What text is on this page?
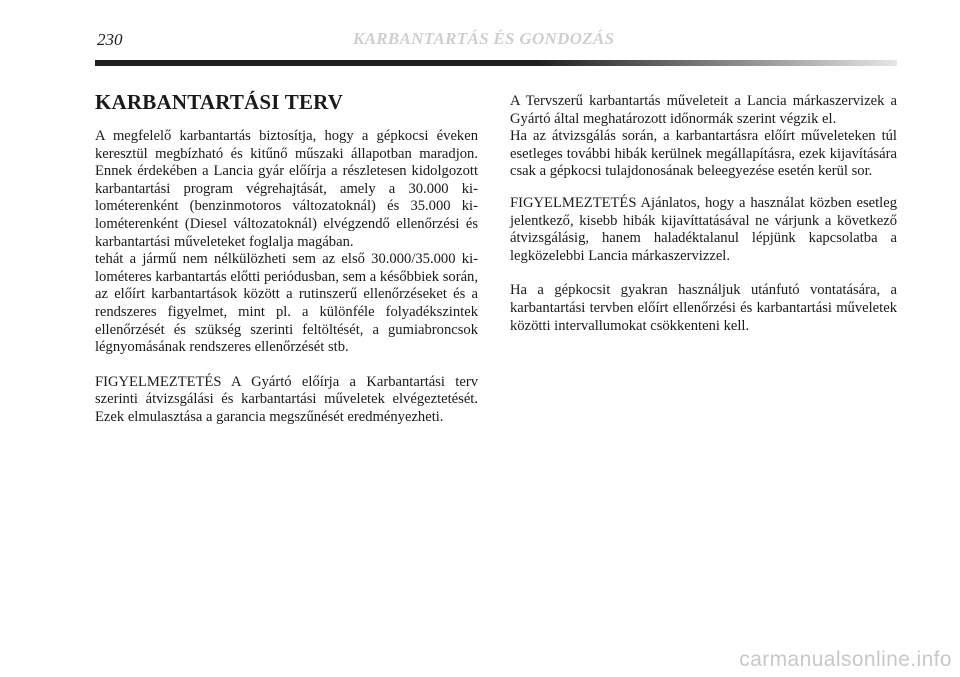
230	KARBANTARTÁS ÉS GONDOZÁS
KARBANTARTÁSI TERV

A megfelelő karbantartás biztosítja, hogy a gépkocsi éveken keresztül megbízható és kitűnő műszaki állapotban maradjon. Ennek érdekében a Lancia gyár előírja a részletesen kidolgozott karbantartási program végrehajtását, amely a 30.000 kilométerenként (benzinmotoros változatoknál) és 35.000 kilométerenként (Diesel változatoknál) elvégzendő ellenőrzési és karbantartási műveleteket foglalja magában.

tehát a jármű nem nélkülözheti sem az első 30.000/35.000 kilométeres karbantartás előtti periódusban, sem a későbbiek során, az előírt karbantartások között a rutinszerű ellenőrzéseket és a rendszeres figyelmet, mint pl. a különféle folyadékszintek ellenőrzését és szükség szerinti feltöltését, a gumiabroncsok légnyomásának rendszeres ellenőrzését stb.

FIGYELMEZTETÉS A Gyártó előírja a Karbantartási terv szerinti átvizsgálási és karbantartási műveletek elvégeztetését. Ezek elmulasztása a garancia megszűnését eredményezheti.

A Tervszerű karbantartás műveleteit a Lancia márkaszervizek a Gyártó által meghatározott időnormák szerint végzik el.

Ha az átvizsgálás során, a karbantartásra előírt műveleteken túl esetleges további hibák kerülnek megállapításra, ezek kijavítására csak a gépkocsi tulajdonosának beleegyezése esetén kerül sor.

FIGYELMEZTETÉS Ajánlatos, hogy a használat közben esetleg jelentkező, kisebb hibák kijavíttatásával ne várjunk a következő átvizsgálásig, hanem haladéktalanul lépjünk kapcsolatba a legközelebbi Lancia márkaszervizzel.

Ha a gépkocsit gyakran használjuk utánfutó vontatására, a karbantartási tervben előírt ellenőrzési és karbantartási műveletek közötti intervallumokat csökkenteni kell.

carmanualsonline.info
